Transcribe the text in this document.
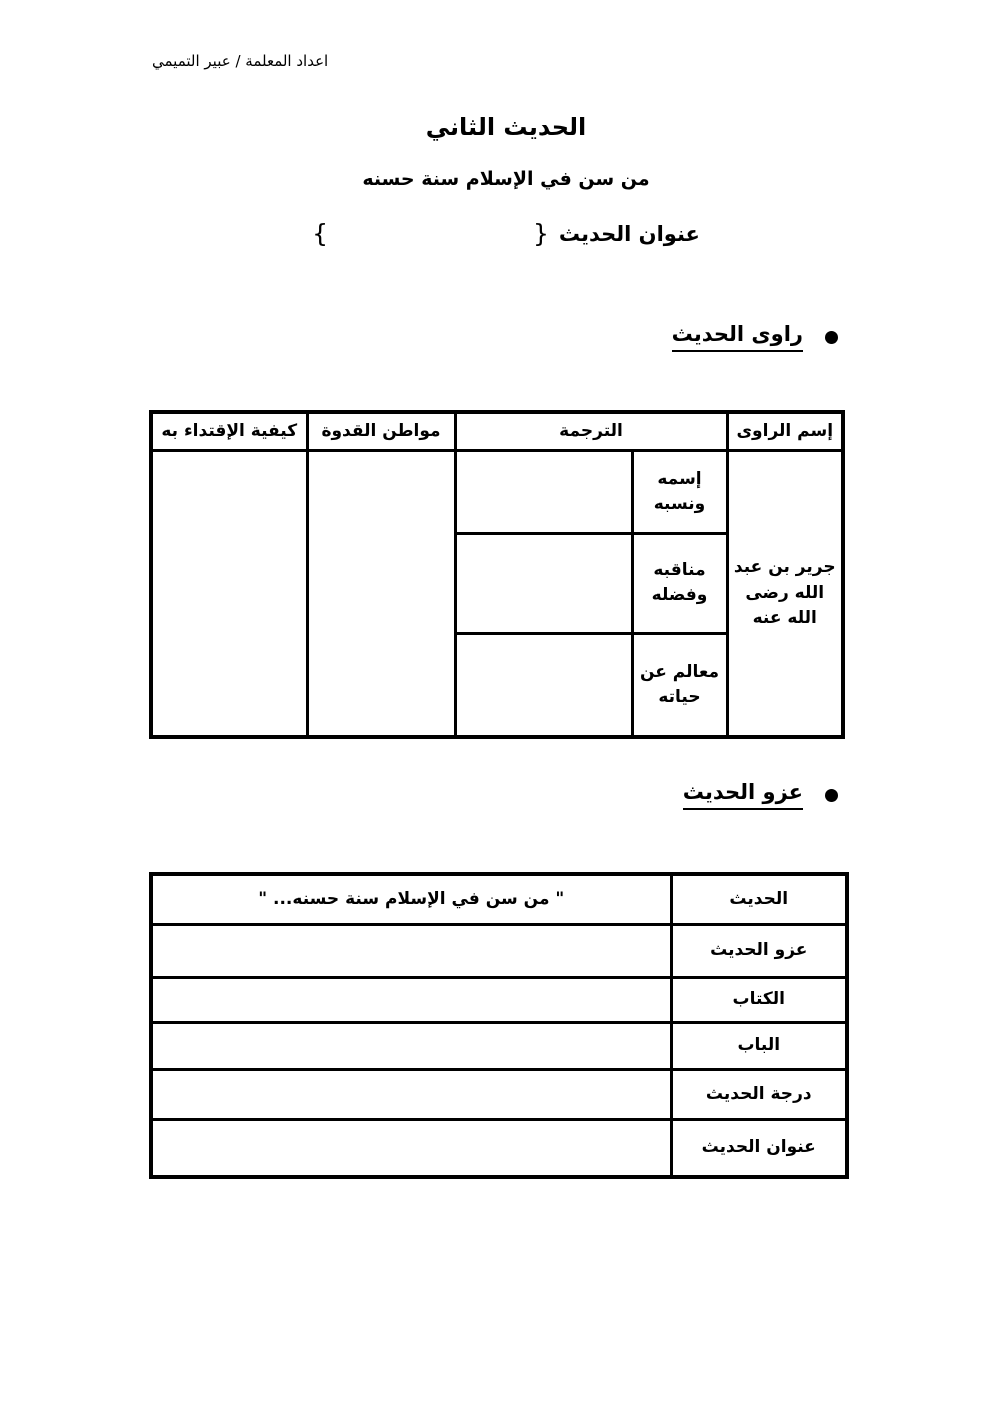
اعداد المعلمة / عبير التميمي
الحديث الثاني
من سن في الإسلام سنة حسنه
{	} عنوان الحديث
راوى الحديث
إسم الراوى	الترجمة		مواطن القدوة	كيفية الإقتداء به
جرير بن عبد الله رضى الله عنه	إسمه ونسبه			
	مناقبه وفضله			
	معالم عن حياته			
عزو الحديث
الحديث	" من سن في الإسلام سنة حسنه... "
عزو الحديث	
الكتاب	
الباب	
درجة الحديث	
عنوان الحديث	
